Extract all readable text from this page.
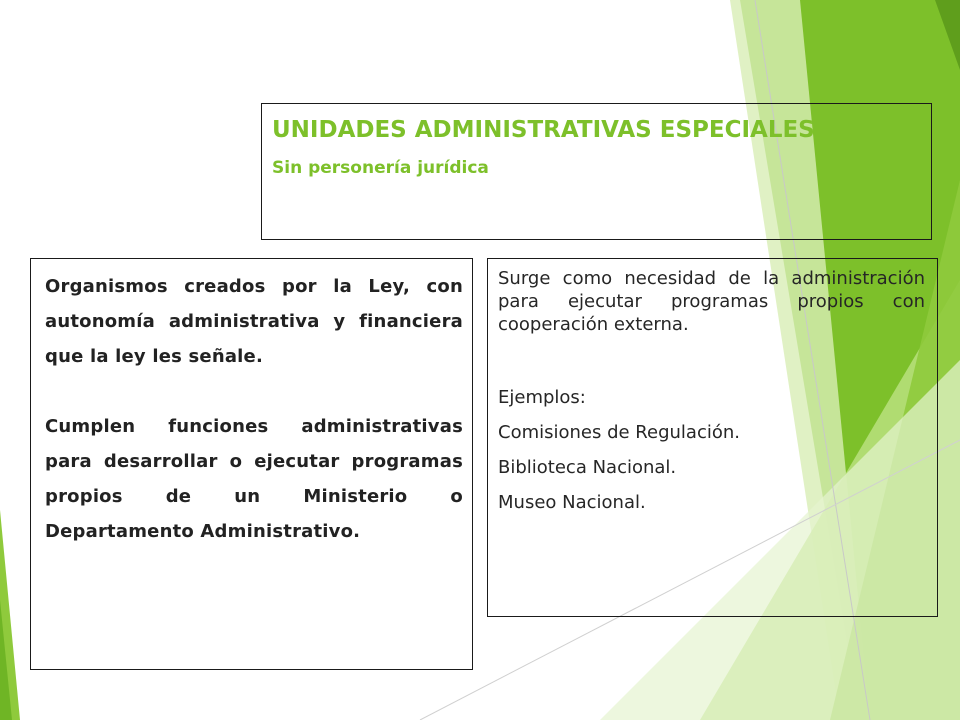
UNIDADES ADMINISTRATIVAS ESPECIALES
Sin personería jurídica

Organismos creados por la Ley, con autonomía administrativa y financiera que la ley les señale.

Cumplen funciones administrativas para desarrollar o ejecutar programas propios de un Ministerio o Departamento Administrativo.

Surge como necesidad de la administración para ejecutar programas propios con cooperación externa.

Ejemplos:
Comisiones de Regulación.
Biblioteca Nacional.
Museo Nacional.
